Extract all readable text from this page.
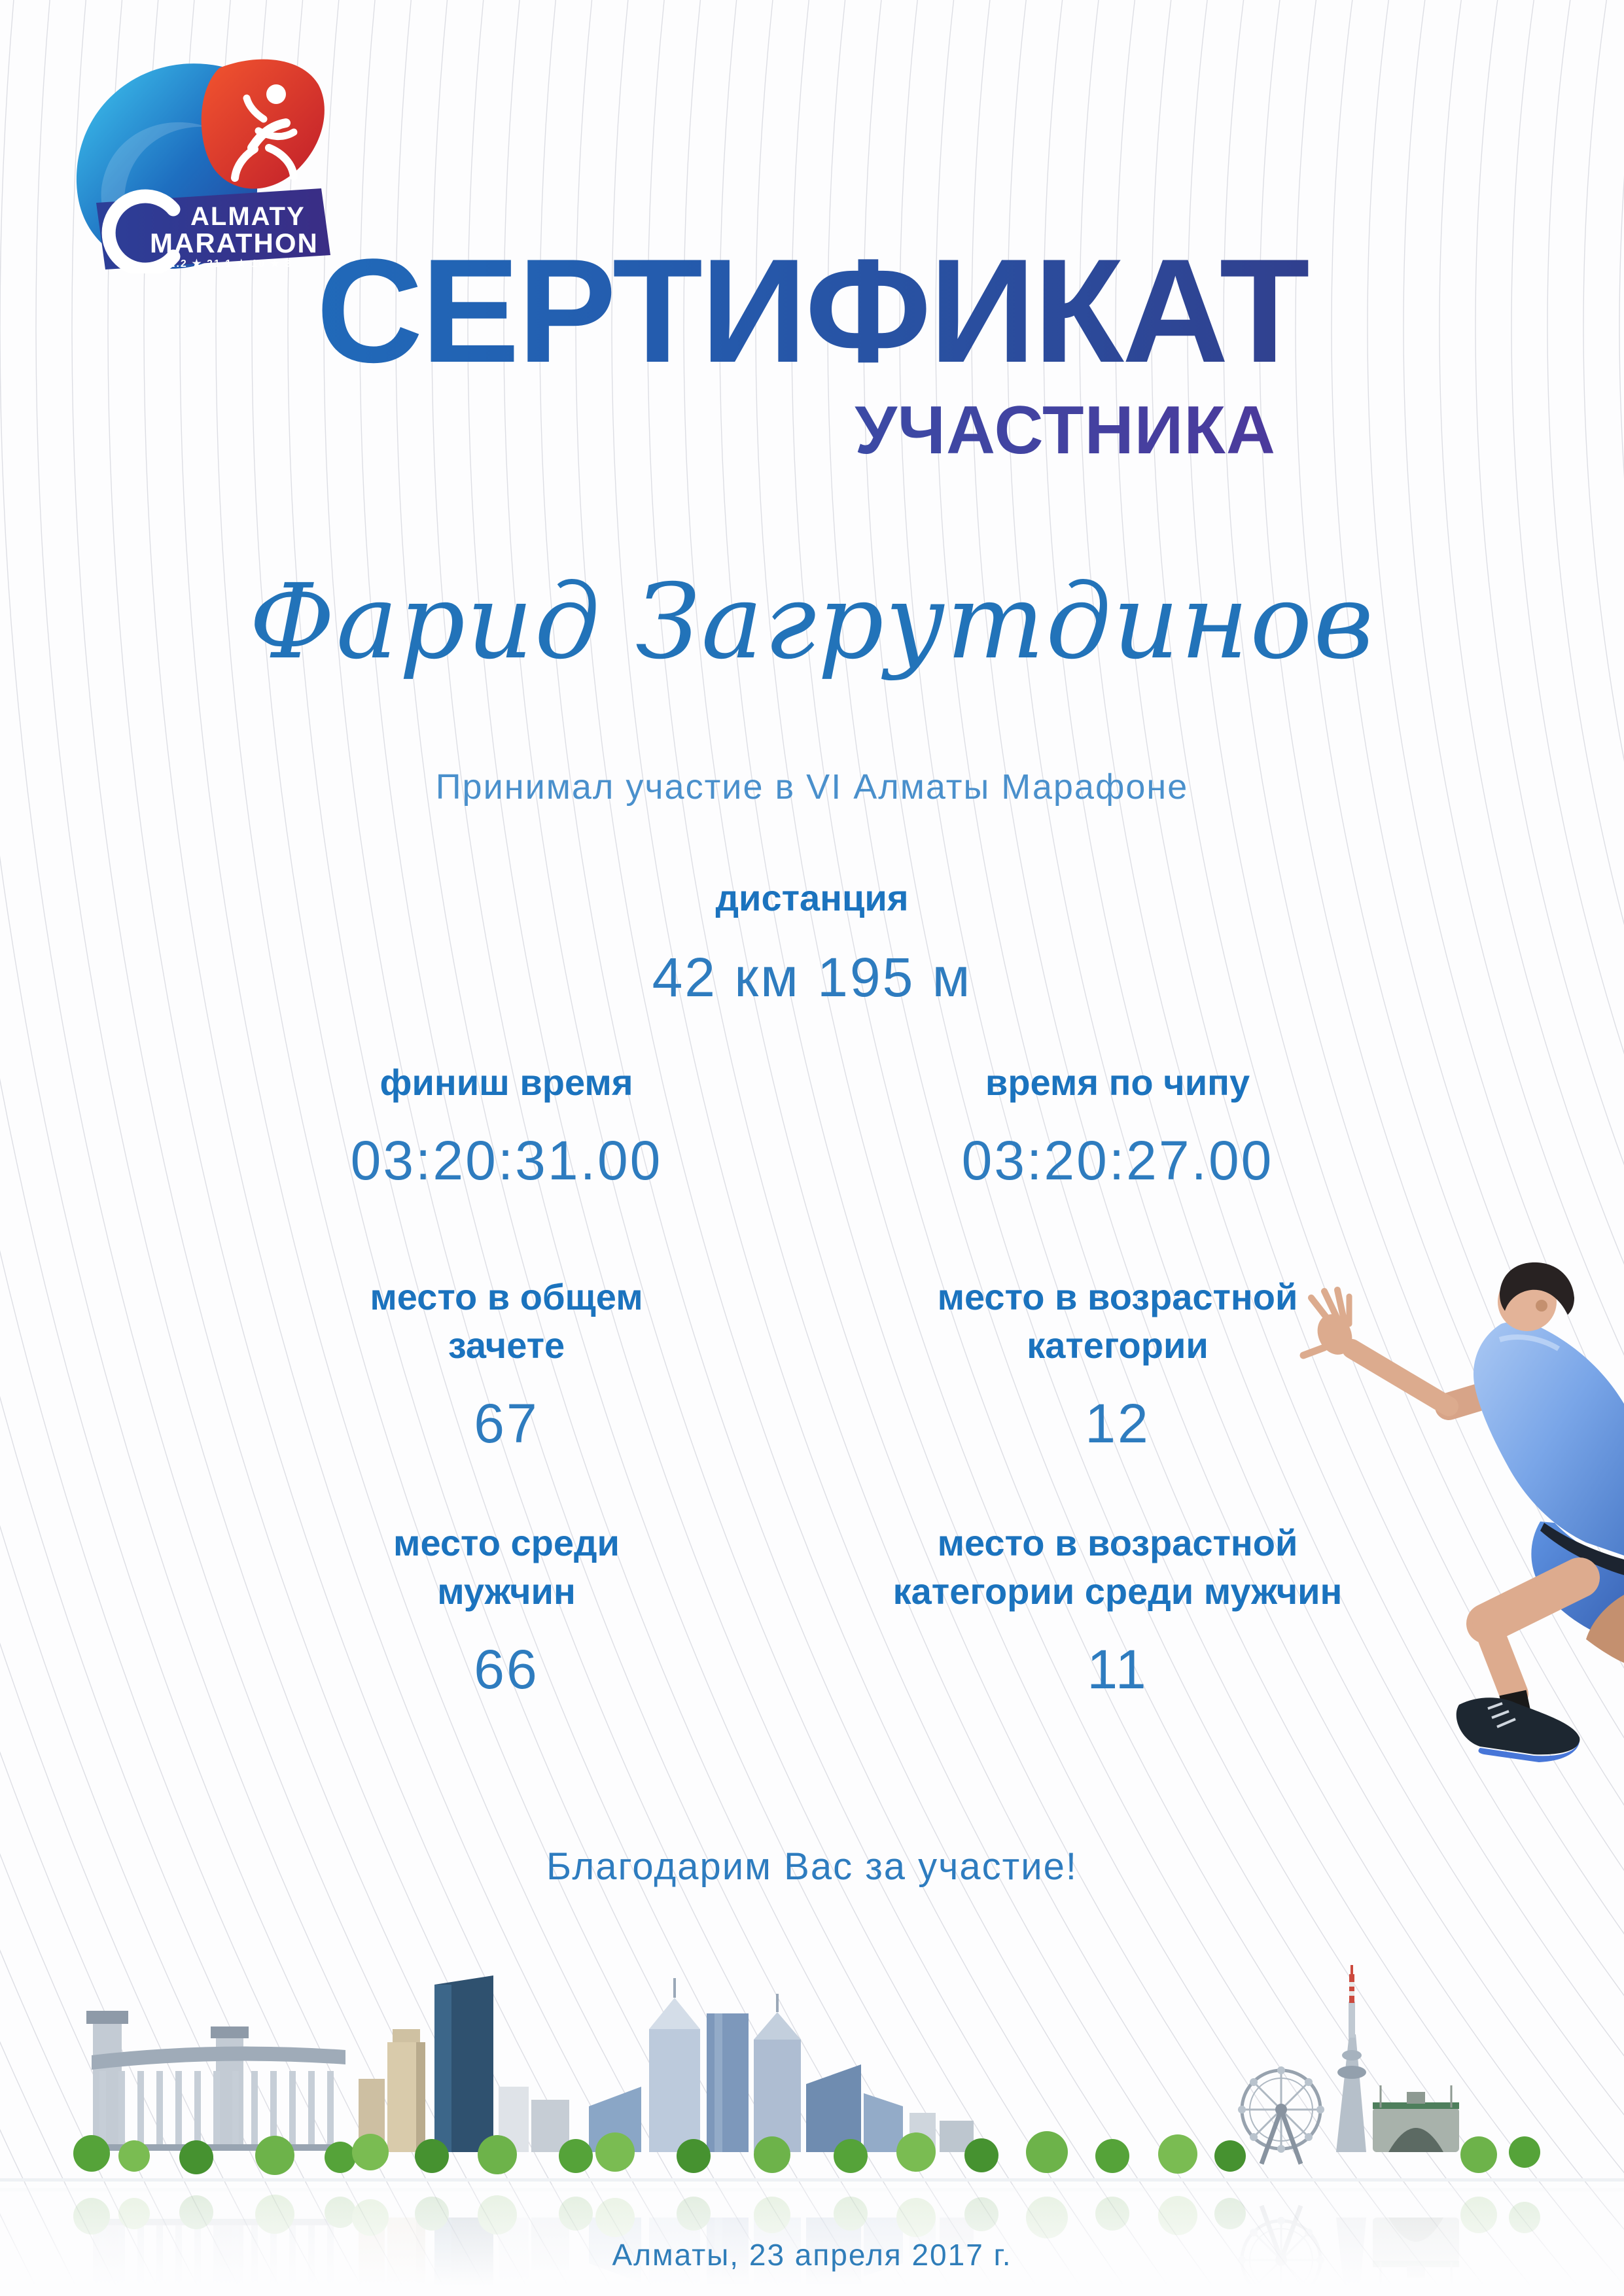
ALMATY
СЕРТИФИКАТ
УЧАСТНИКА
Фарид Загрутдинов
Принимал участие в VI Алматы Марафоне
дистанция
42 км 195 м
финиш время
03:20:31.00
время по чипу
03:20:27.00
место в общем зачете
67
место в возрастной категории
12
место среди мужчин
66
место в возрастной категории среди мужчин
11
Благодарим Вас за участие!
Алматы, 23 апреля 2017 г.
